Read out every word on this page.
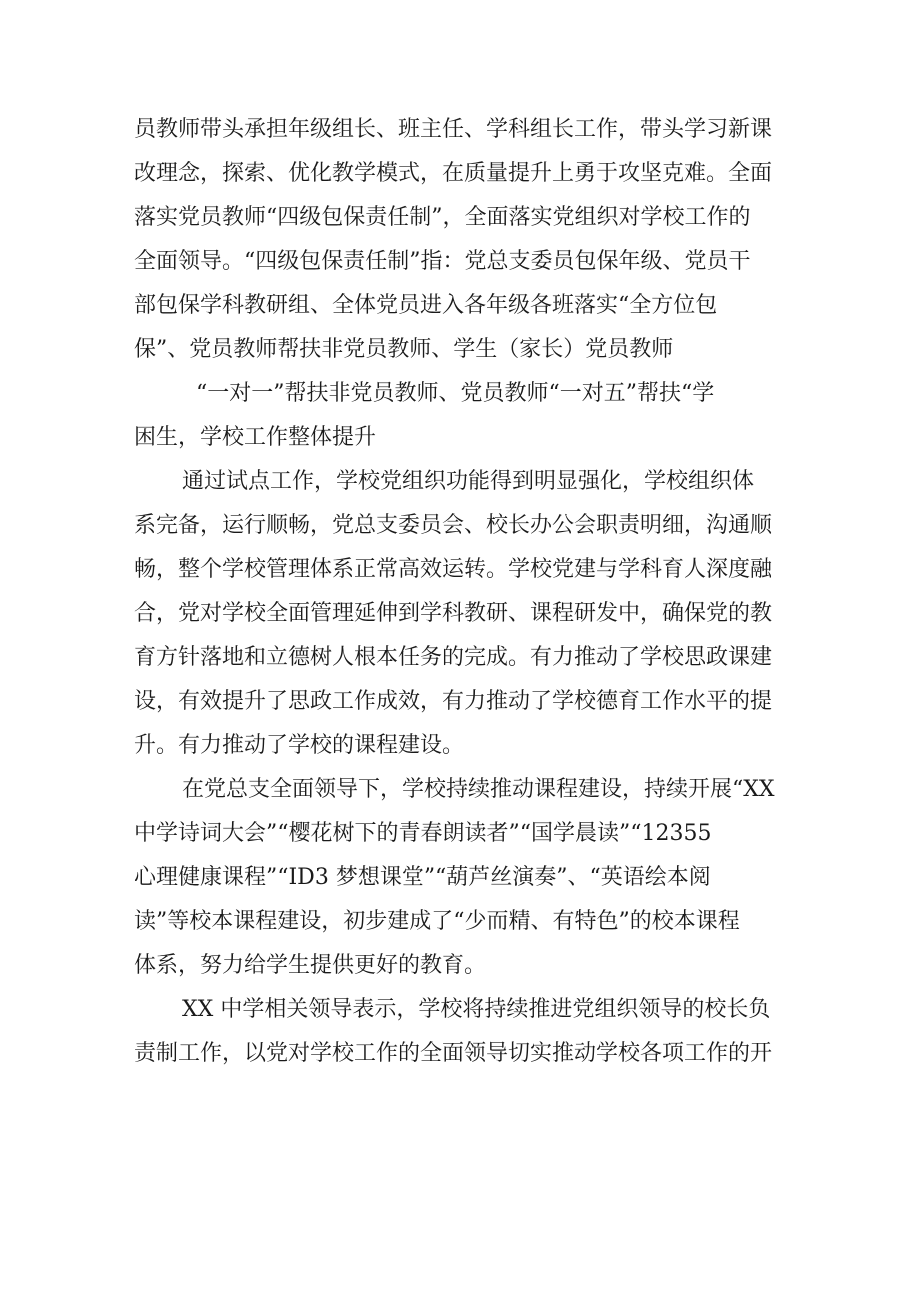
员教师带头承担年级组长、班主任、学科组长工作，带头学习新课
改理念，探索、优化教学模式，在质量提升上勇于攻坚克难。全面
落实党员教师“四级包保责任制”，全面落实党组织对学校工作的
全面领导。“四级包保责任制”指：党总支委员包保年级、党员干
部包保学科教研组、全体党员进入各年级各班落实“全方位包
保”、党员教师帮扶非党员教师、学生（家长）党员教师
“一对一”帮扶非党员教师、党员教师“一对五”帮扶“学
困生，学校工作整体提升
通过试点工作，学校党组织功能得到明显强化，学校组织体
系完备，运行顺畅，党总支委员会、校长办公会职责明细，沟通顺
畅，整个学校管理体系正常高效运转。学校党建与学科育人深度融
合，党对学校全面管理延伸到学科教研、课程研发中，确保党的教
育方针落地和立德树人根本任务的完成。有力推动了学校思政课建
设，有效提升了思政工作成效，有力推动了学校德育工作水平的提
升。有力推动了学校的课程建设。
在党总支全面领导下，学校持续推动课程建设，持续开展“XX
中学诗词大会”“樱花树下的青春朗读者”“国学晨读”“12355
心理健康课程”“ID3 梦想课堂”“葫芦丝演奏”、“英语绘本阅
读”等校本课程建设，初步建成了“少而精、有特色”的校本课程
体系，努力给学生提供更好的教育。
XX 中学相关领导表示，学校将持续推进党组织领导的校长负
责制工作，以党对学校工作的全面领导切实推动学校各项工作的开
